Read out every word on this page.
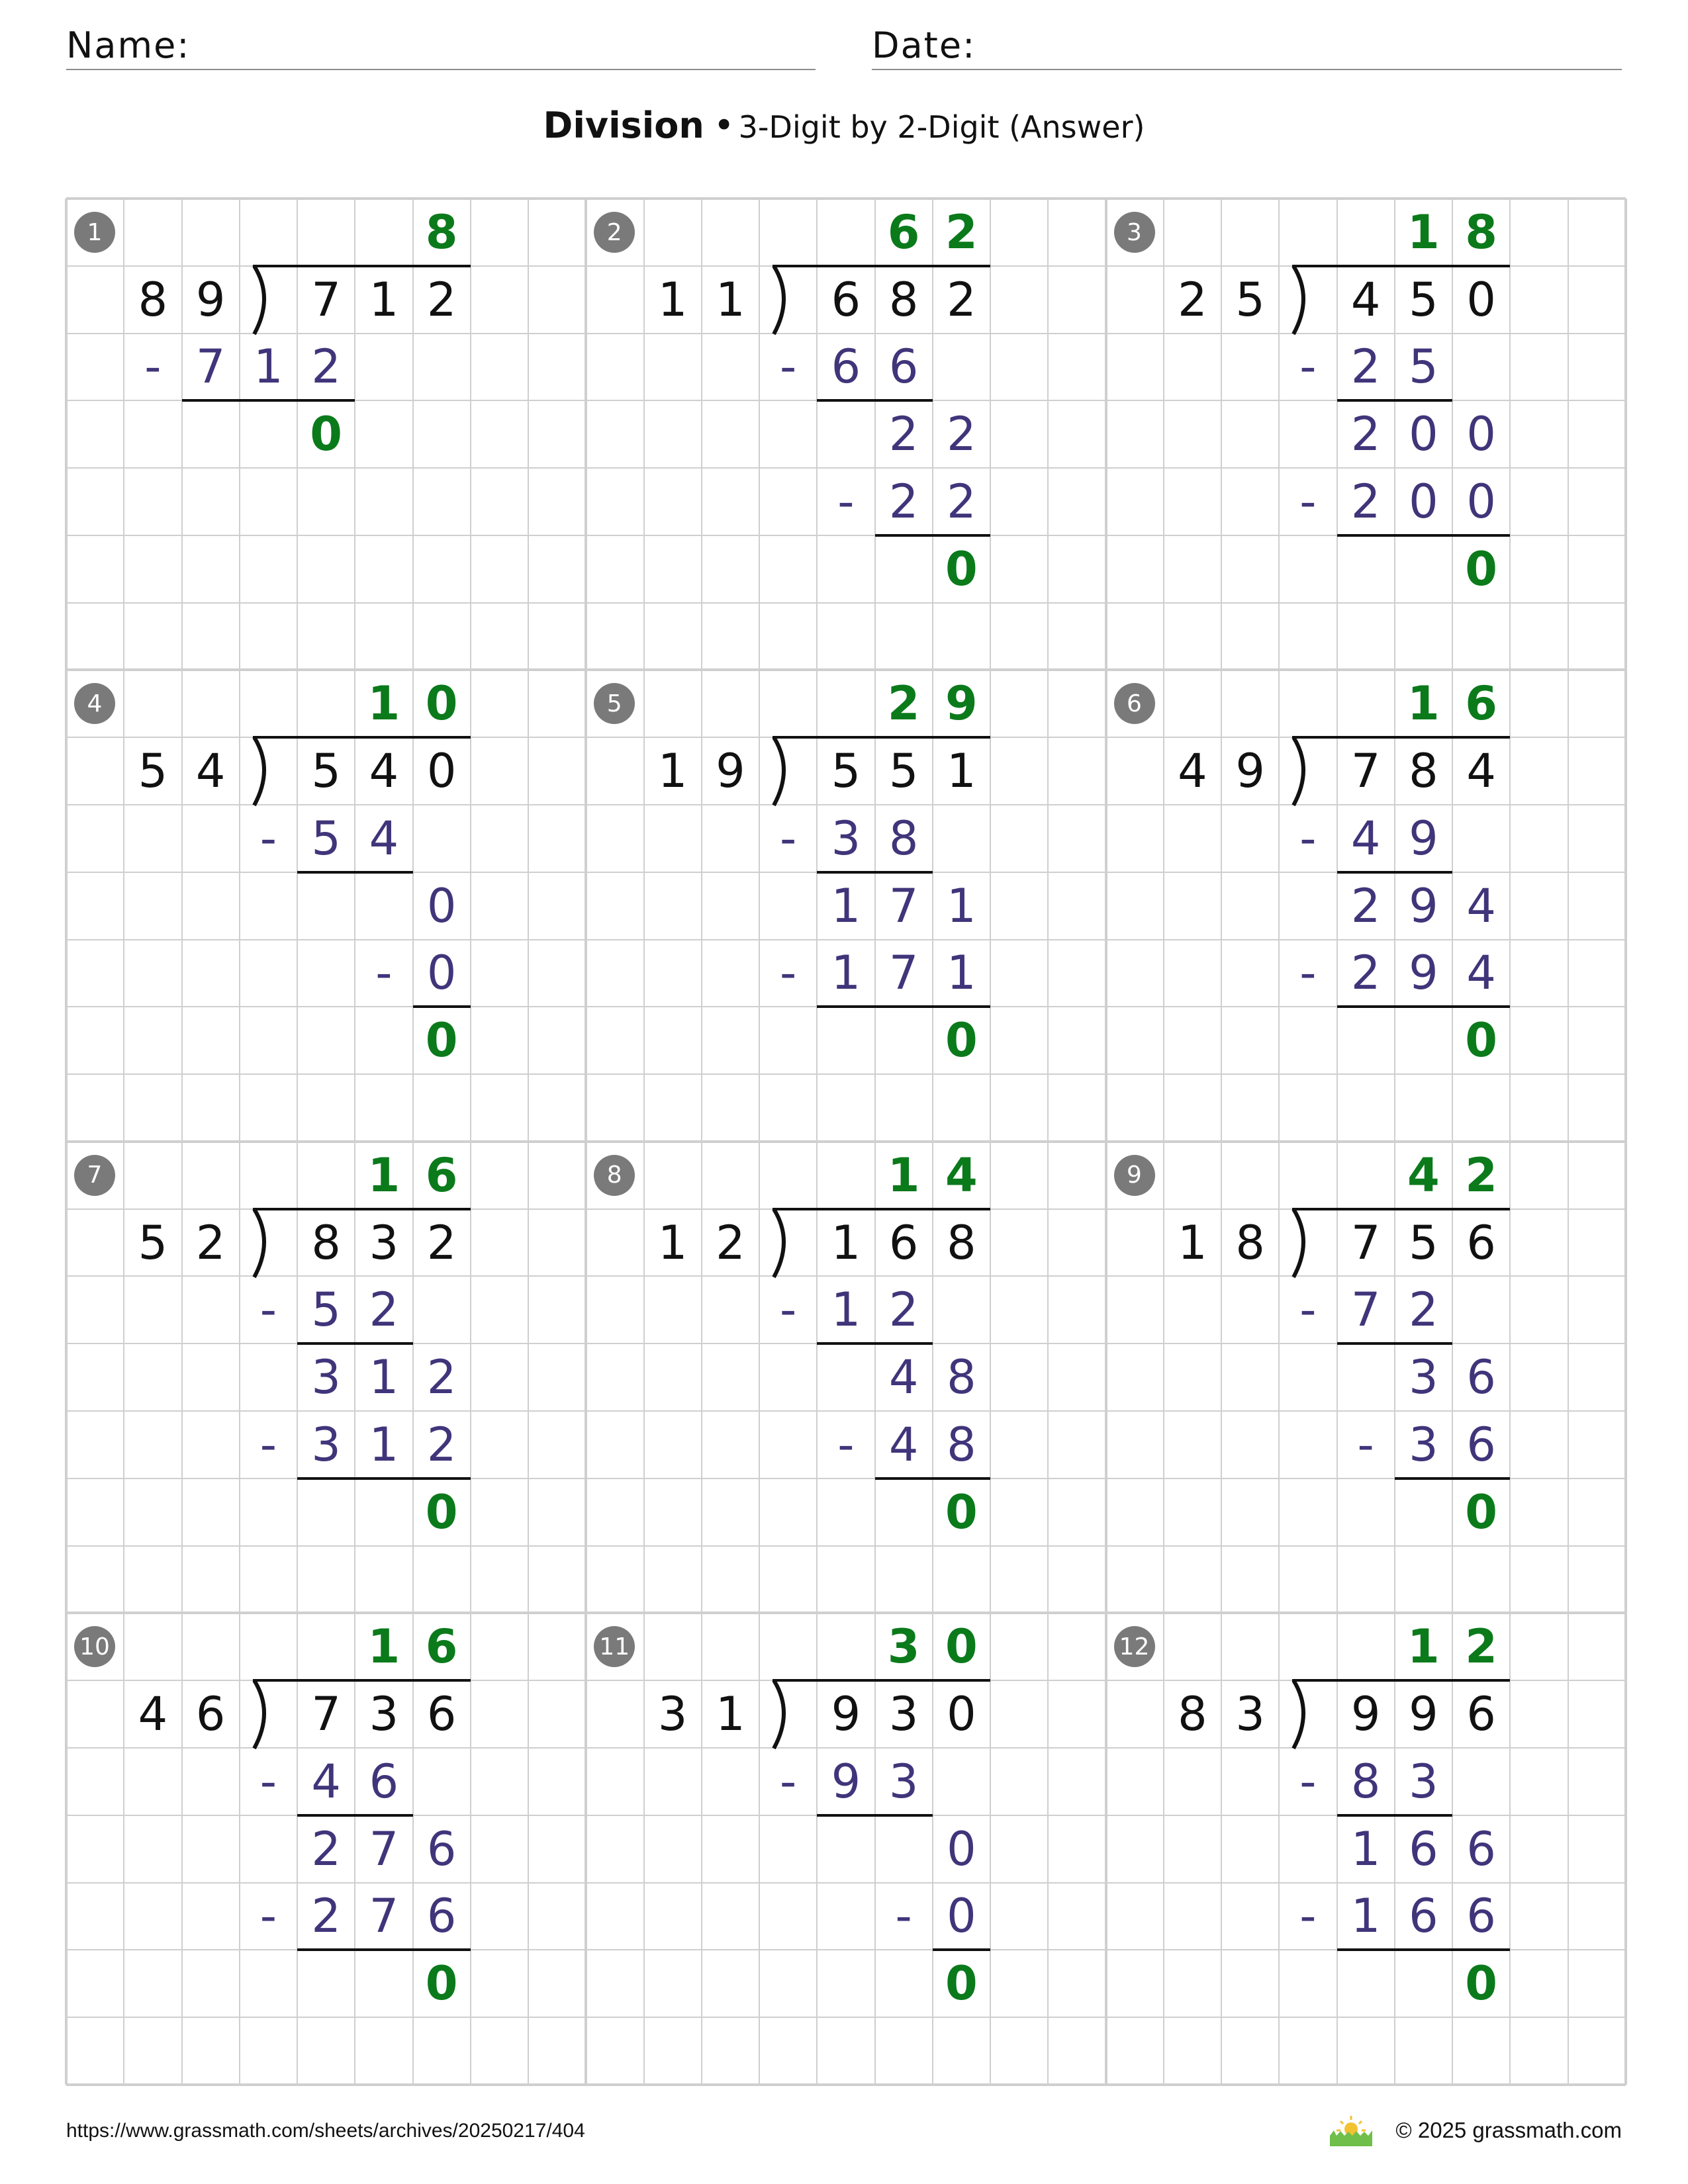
Name:	Date:
Division • 3-Digit by 2-Digit (Answer)
1
8 9 7 1 2
8
7 1 2
-
0
2
1 1 6 8 2
6 2
6 6
-
2 2
2 2
-
0
3
2 5 4 5 0
1 8
2 5
-
2 0 0
2 0 0
-
0
4
5 4 5 4 0
1 0
5 4
-
0
0
-
0
5
1 9 5 5 1
2 9
3 8
-
1 7 1
1 7 1
-
0
6
4 9 7 8 4
1 6
4 9
-
2 9 4
2 9 4
-
0
7
5 2 8 3 2
1 6
5 2
-
3 1 2
3 1 2
-
0
8
1 2 1 6 8
1 4
1 2
-
4 8
4 8
-
0
9
1 8 7 5 6
4 2
7 2
-
3 6
3 6
-
0
10
4 6 7 3 6
1 6
4 6
-
2 7 6
2 7 6
-
0
11
3 1 9 3 0
3 0
9 3
-
0
0
-
0
12
8 3 9 9 6
1 2
8 3
-
1 6 6
1 6 6
-
0
https://www.grassmath.com/sheets/archives/20250217/404	© 2025 grassmath.com
